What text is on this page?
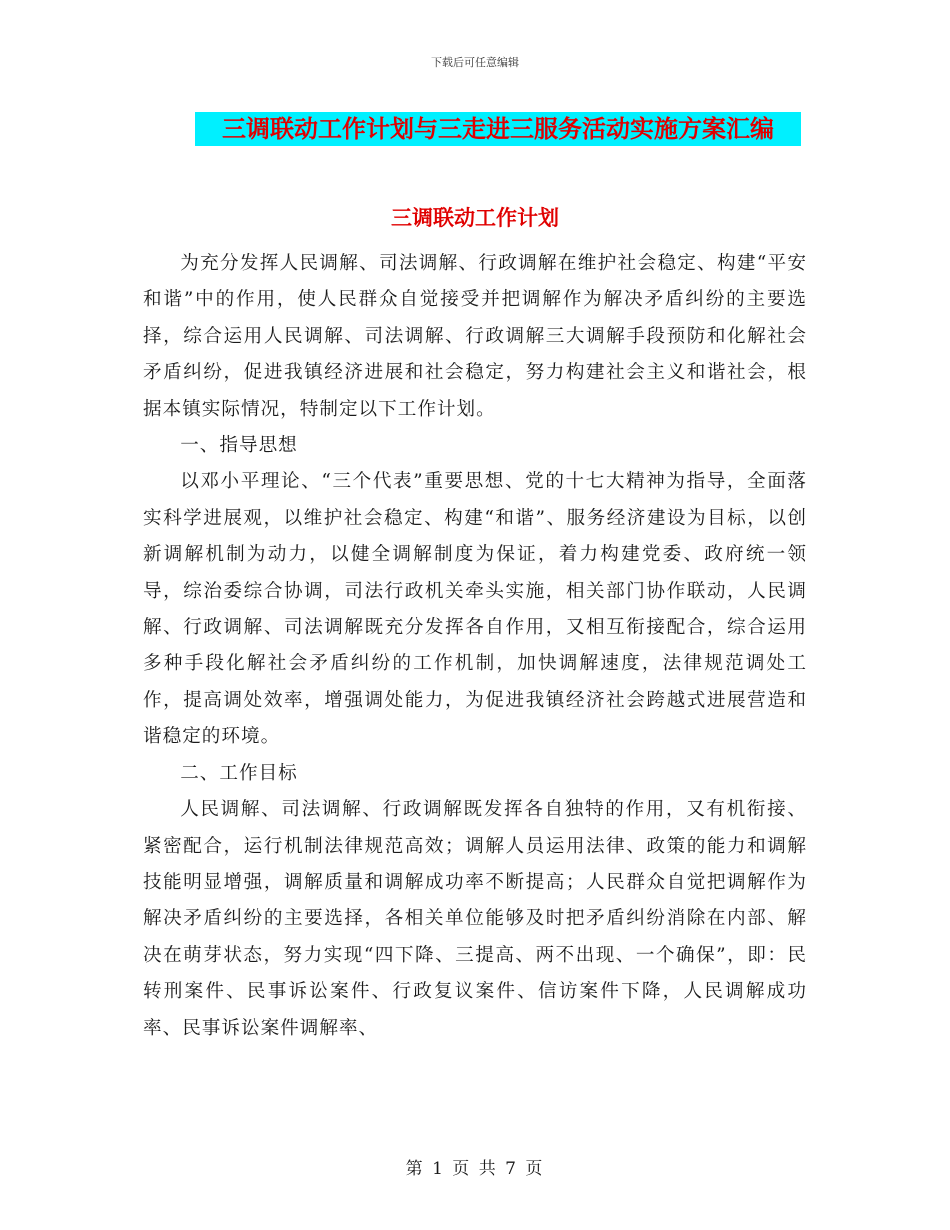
下载后可任意编辑
三调联动工作计划与三走进三服务活动实施方案汇编
三调联动工作计划

为充分发挥人民调解、司法调解、行政调解在维护社会稳定、构建“平安和谐”中的作用，使人民群众自觉接受并把调解作为解决矛盾纠纷的主要选择，综合运用人民调解、司法调解、行政调解三大调解手段预防和化解社会矛盾纠纷，促进我镇经济进展和社会稳定，努力构建社会主义和谐社会，根据本镇实际情况，特制定以下工作计划。

一、指导思想

以邓小平理论、“三个代表”重要思想、党的十七大精神为指导，全面落实科学进展观，以维护社会稳定、构建“和谐”、服务经济建设为目标，以创新调解机制为动力，以健全调解制度为保证，着力构建党委、政府统一领导，综治委综合协调，司法行政机关牵头实施，相关部门协作联动，人民调解、行政调解、司法调解既充分发挥各自作用，又相互衔接配合，综合运用多种手段化解社会矛盾纠纷的工作机制，加快调解速度，法律规范调处工作，提高调处效率，增强调处能力，为促进我镇经济社会跨越式进展营造和谐稳定的环境。

二、工作目标

人民调解、司法调解、行政调解既发挥各自独特的作用，又有机衔接、紧密配合，运行机制法律规范高效；调解人员运用法律、政策的能力和调解技能明显增强，调解质量和调解成功率不断提高；人民群众自觉把调解作为解决矛盾纠纷的主要选择，各相关单位能够及时把矛盾纠纷消除在内部、解决在萌芽状态，努力实现“四下降、三提高、两不出现、一个确保”，即：民转刑案件、民事诉讼案件、行政复议案件、信访案件下降，人民调解成功率、民事诉讼案件调解率、

第 1 页 共 7 页
